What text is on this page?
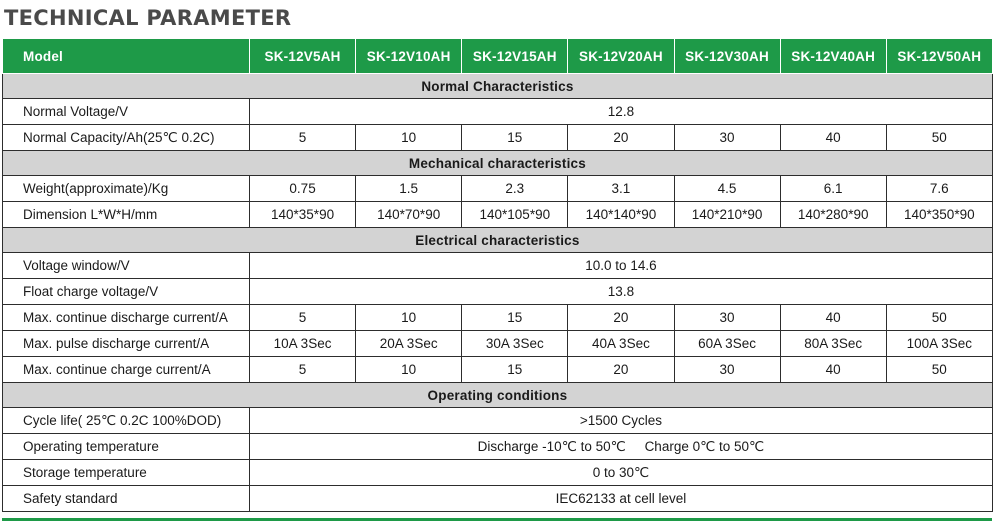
TECHNICAL PARAMETER
Model	SK-12V5AH	SK-12V10AH	SK-12V15AH	SK-12V20AH	SK-12V30AH	SK-12V40AH	SK-12V50AH
Normal Characteristics							
Normal Voltage/V	12.8						
Normal Capacity/Ah(25℃ 0.2C)	5	10	15	20	30	40	50
Mechanical characteristics							
Weight(approximate)/Kg	0.75	1.5	2.3	3.1	4.5	6.1	7.6
Dimension L*W*H/mm	140*35*90	140*70*90	140*105*90	140*140*90	140*210*90	140*280*90	140*350*90
Electrical characteristics							
Voltage window/V	10.0 to 14.6						
Float charge voltage/V	13.8						
Max. continue discharge current/A	5	10	15	20	30	40	50
Max. pulse discharge current/A	10A 3Sec	20A 3Sec	30A 3Sec	40A 3Sec	60A 3Sec	80A 3Sec	100A 3Sec
Max. continue charge current/A	5	10	15	20	30	40	50
Operating conditions							
Cycle life( 25℃ 0.2C 100%DOD)	>1500 Cycles						
Operating temperature	Discharge -10℃ to 50℃ Charge 0℃ to 50℃						
Storage temperature	0 to 30℃						
Safety standard	IEC62133 at cell level						
